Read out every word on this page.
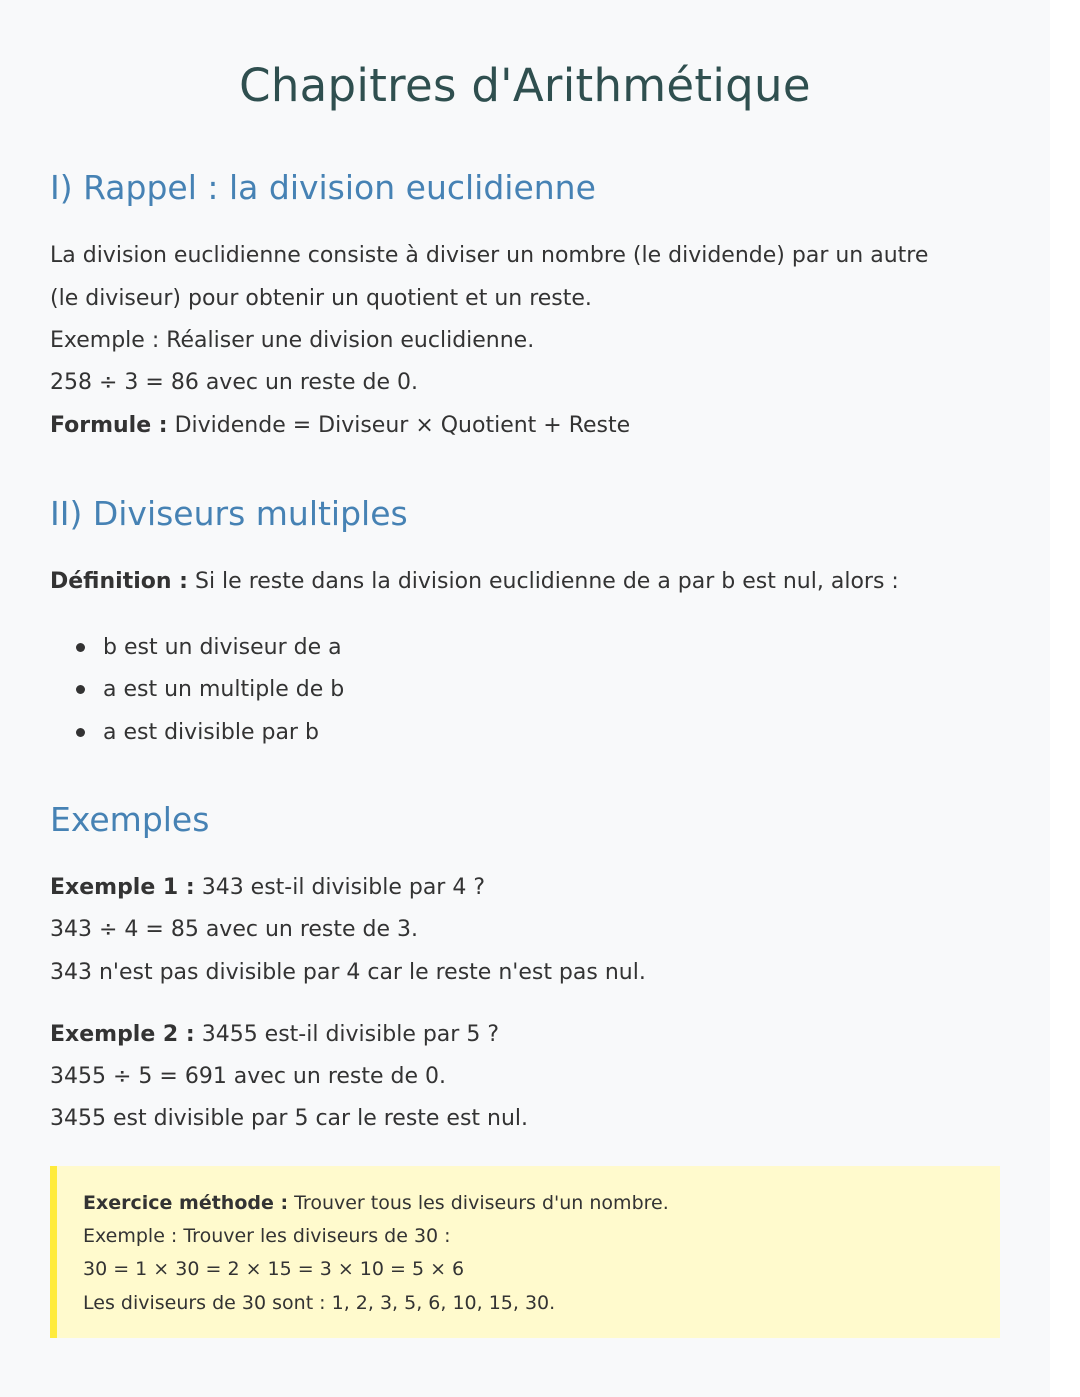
Chapitres d'Arithmétique
I) Rappel : la division euclidienne

La division euclidienne consiste à diviser un nombre (le dividende) par un autre

(le diviseur) pour obtenir un quotient et un reste.

Exemple : Réaliser une division euclidienne.

258 ÷ 3 = 86 avec un reste de 0.

Formule : Dividende = Diviseur × Quotient + Reste

II) Diviseurs multiples

Définition : Si le reste dans la division euclidienne de a par b est nul, alors :

b est un diviseur de a

a est un multiple de b

a est divisible par b

Exemples

Exemple 1 : 343 est-il divisible par 4 ?

343 ÷ 4 = 85 avec un reste de 3.

343 n'est pas divisible par 4 car le reste n'est pas nul.

Exemple 2 : 3455 est-il divisible par 5 ?

3455 ÷ 5 = 691 avec un reste de 0.

3455 est divisible par 5 car le reste est nul.

Exercice méthode : Trouver tous les diviseurs d'un nombre.

Exemple : Trouver les diviseurs de 30 :

30 = 1 × 30 = 2 × 15 = 3 × 10 = 5 × 6

Les diviseurs de 30 sont : 1, 2, 3, 5, 6, 10, 15, 30.
